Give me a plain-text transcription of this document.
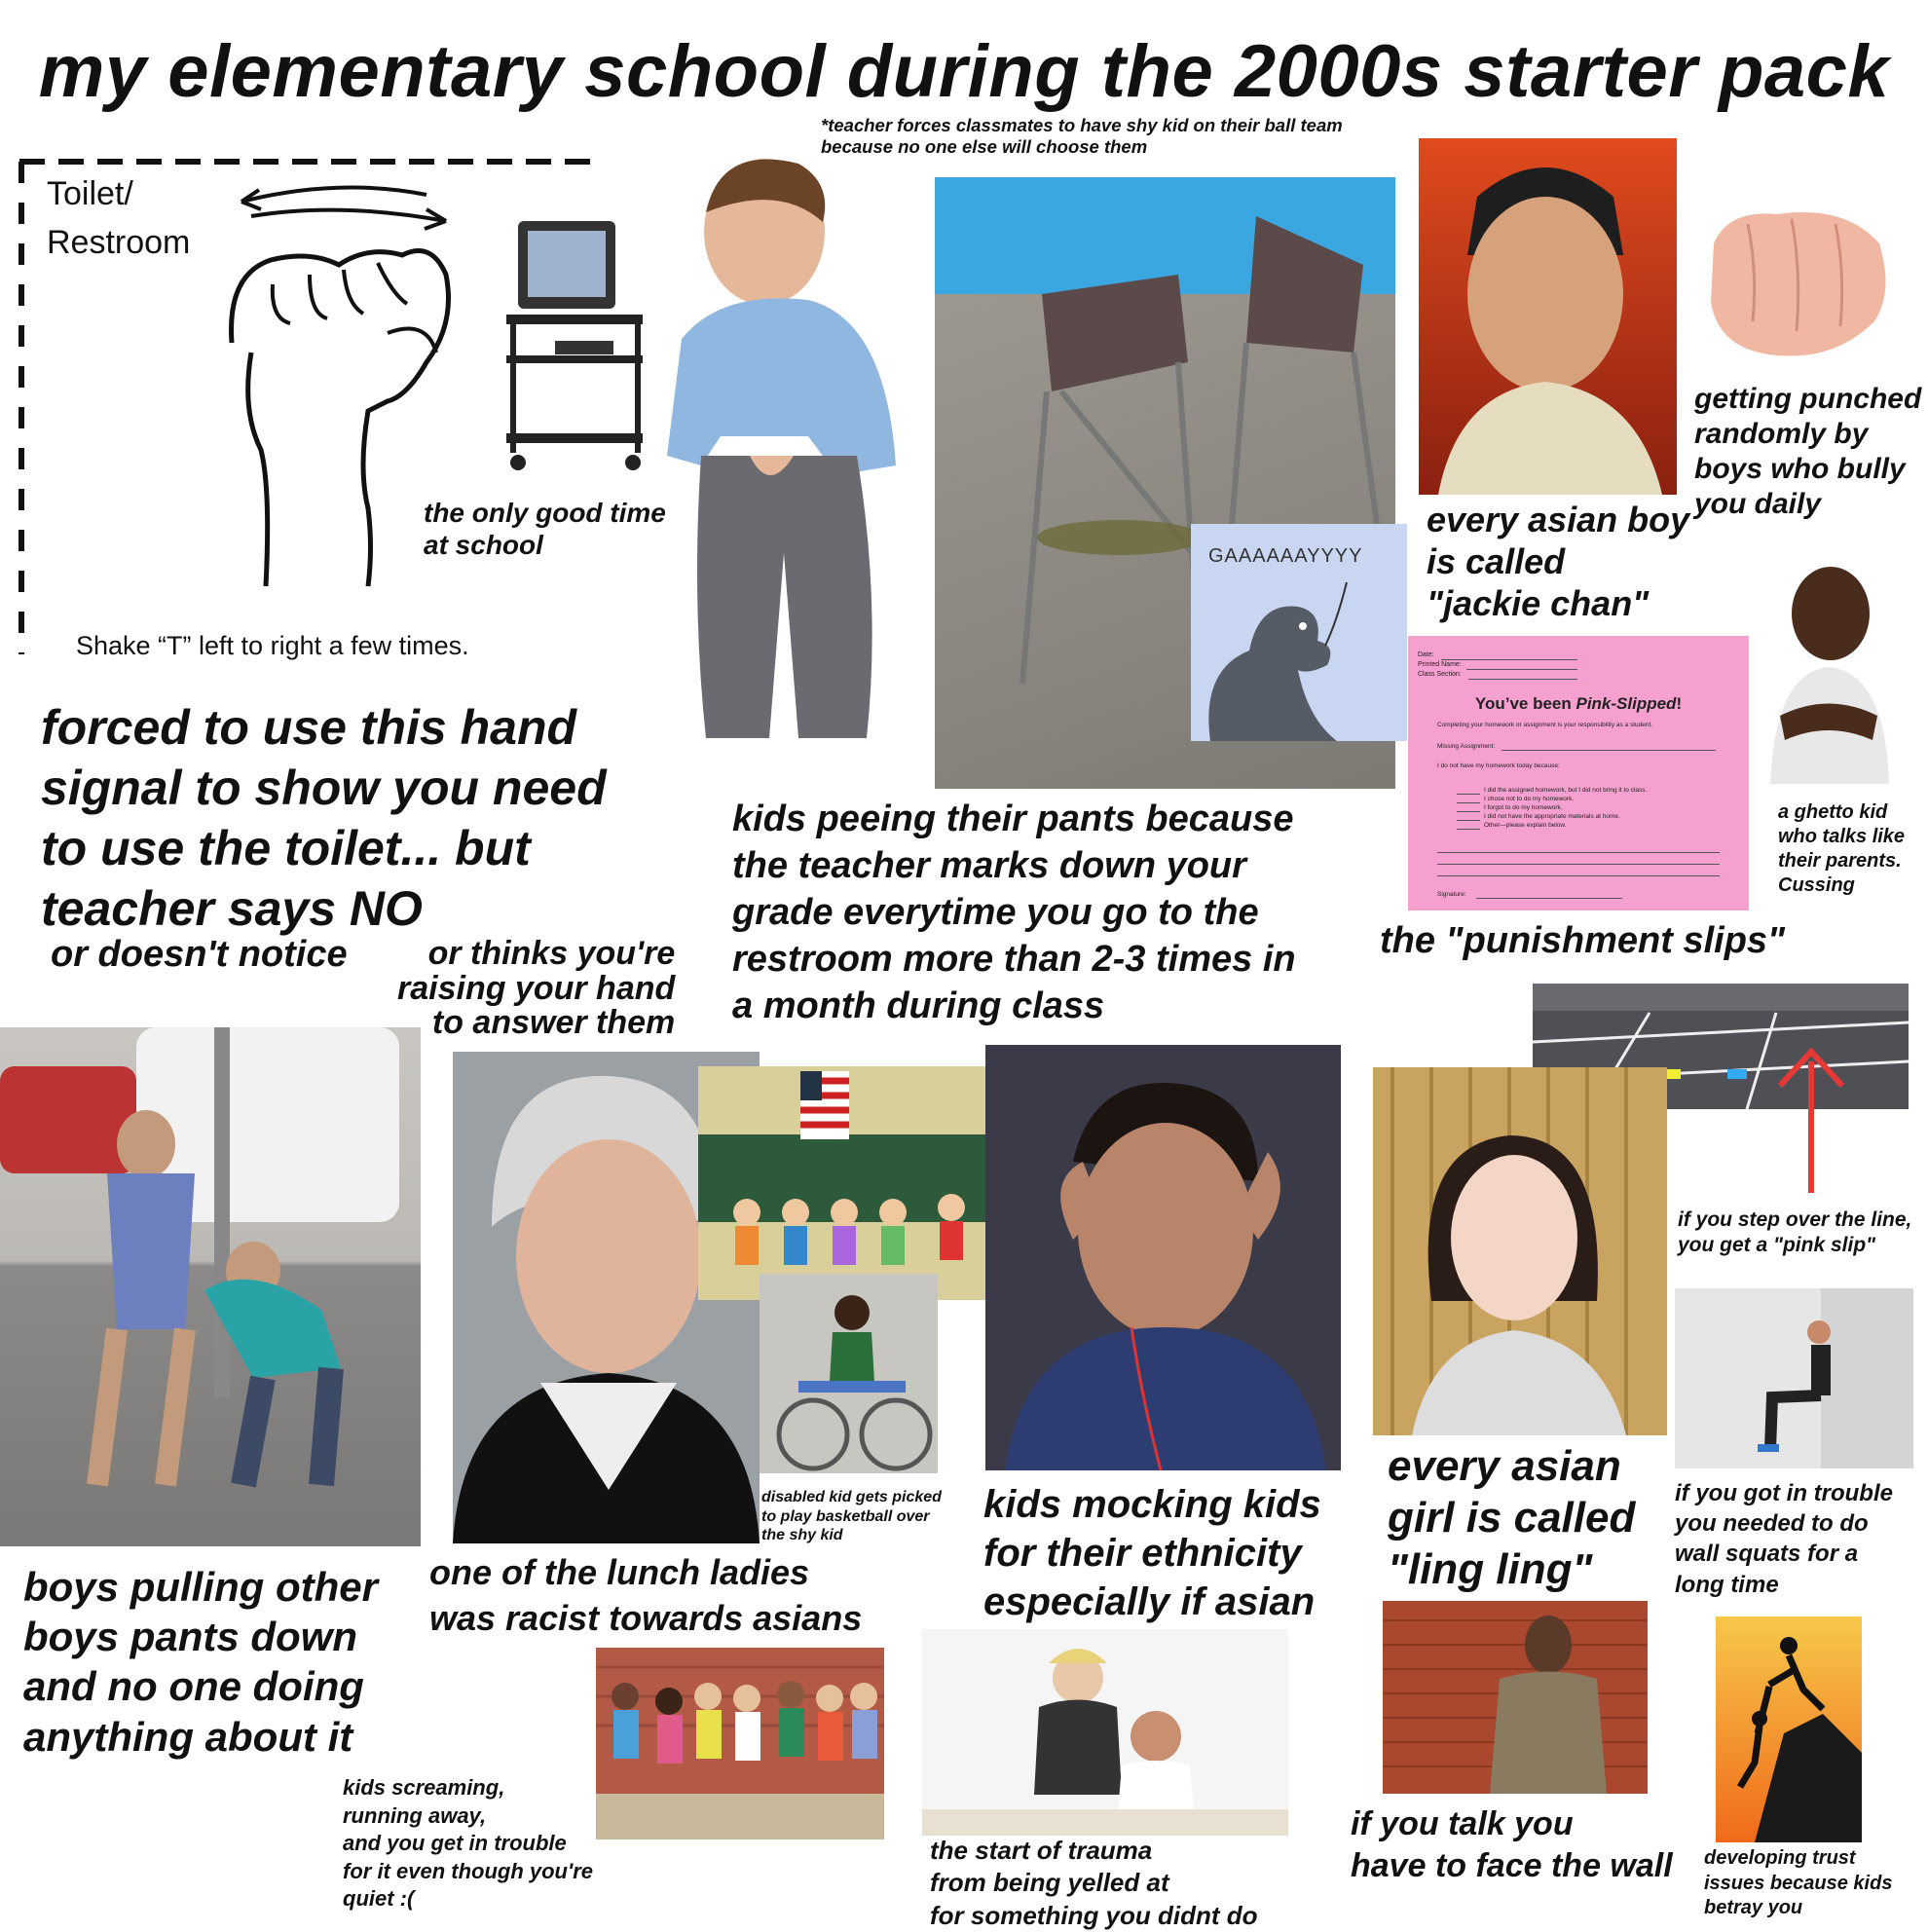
my elementary school during the 2000s starter pack
Toilet/
Restroom
Shake “T” left to right a few times.
the only good time
at school
*teacher forces classmates to have shy kid on their ball team
because no one else will choose them
GAAAAAAYYYY
kids peeing their pants because
the teacher marks down your
grade everytime you go to the
restroom more than 2-3 times in
a month during class
forced to use this hand
signal to show you need
to use the toilet... but
teacher says NO
or doesn't notice	or thinks you're
raising your hand
to answer them
every asian boy
is called
"jackie chan"
getting punched
randomly by
boys who bully
you daily
a ghetto kid
who talks like
their parents.
Cussing
Date:
Printed Name:
Class Section:
You’ve been Pink-Slipped!
Completing your homework or assignment is your responsibility as a student.
Missing Assignment:
I do not have my homework today because:
I did the assigned homework, but I did not bring it to class.
I chose not to do my homework.
I forgot to do my homework.
I did not have the appropriate materials at home.
Other—please explain below.
Signature:
the "punishment slips"
if you step over the line,
you get a "pink slip"
boys pulling other
boys pants down
and no one doing
anything about it
one of the lunch ladies
was racist towards asians
disabled kid gets picked
to play basketball over
the shy kid
kids mocking kids
for their ethnicity
especially if asian
every asian
girl is called
"ling ling"
if you got in trouble
you needed to do
wall squats for a
long time
kids screaming,
running away,
and you get in trouble
for it even though you're
quiet :(
the start of trauma
from being yelled at
for something you didnt do
if you talk you
have to face the wall developing trust
issues because kids
betray you
